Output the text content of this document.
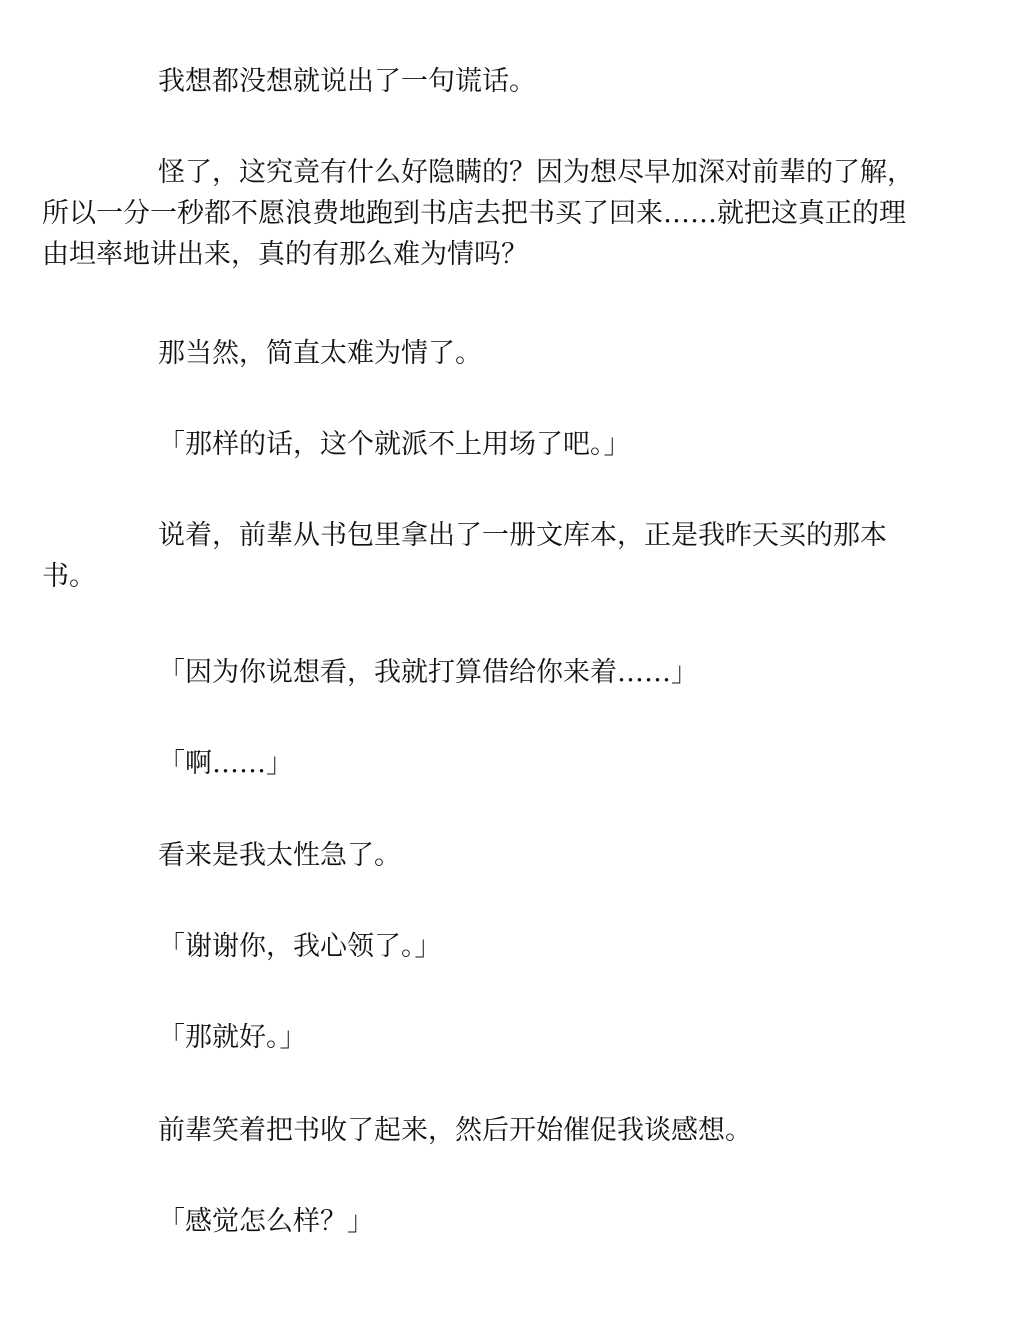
我想都没想就说出了一句谎话。

怪了，这究竟有什么好隐瞒的？因为想尽早加深对前辈的了解，
所以一分一秒都不愿浪费地跑到书店去把书买了回来……就把这真正的理
由坦率地讲出来，真的有那么难为情吗？

那当然，简直太难为情了。

「那样的话，这个就派不上用场了吧。」

说着，前辈从书包里拿出了一册文库本，正是我昨天买的那本
书。

「因为你说想看，我就打算借给你来着……」

「啊……」

看来是我太性急了。

「谢谢你，我心领了。」

「那就好。」

前辈笑着把书收了起来，然后开始催促我谈感想。

「感觉怎么样？」
